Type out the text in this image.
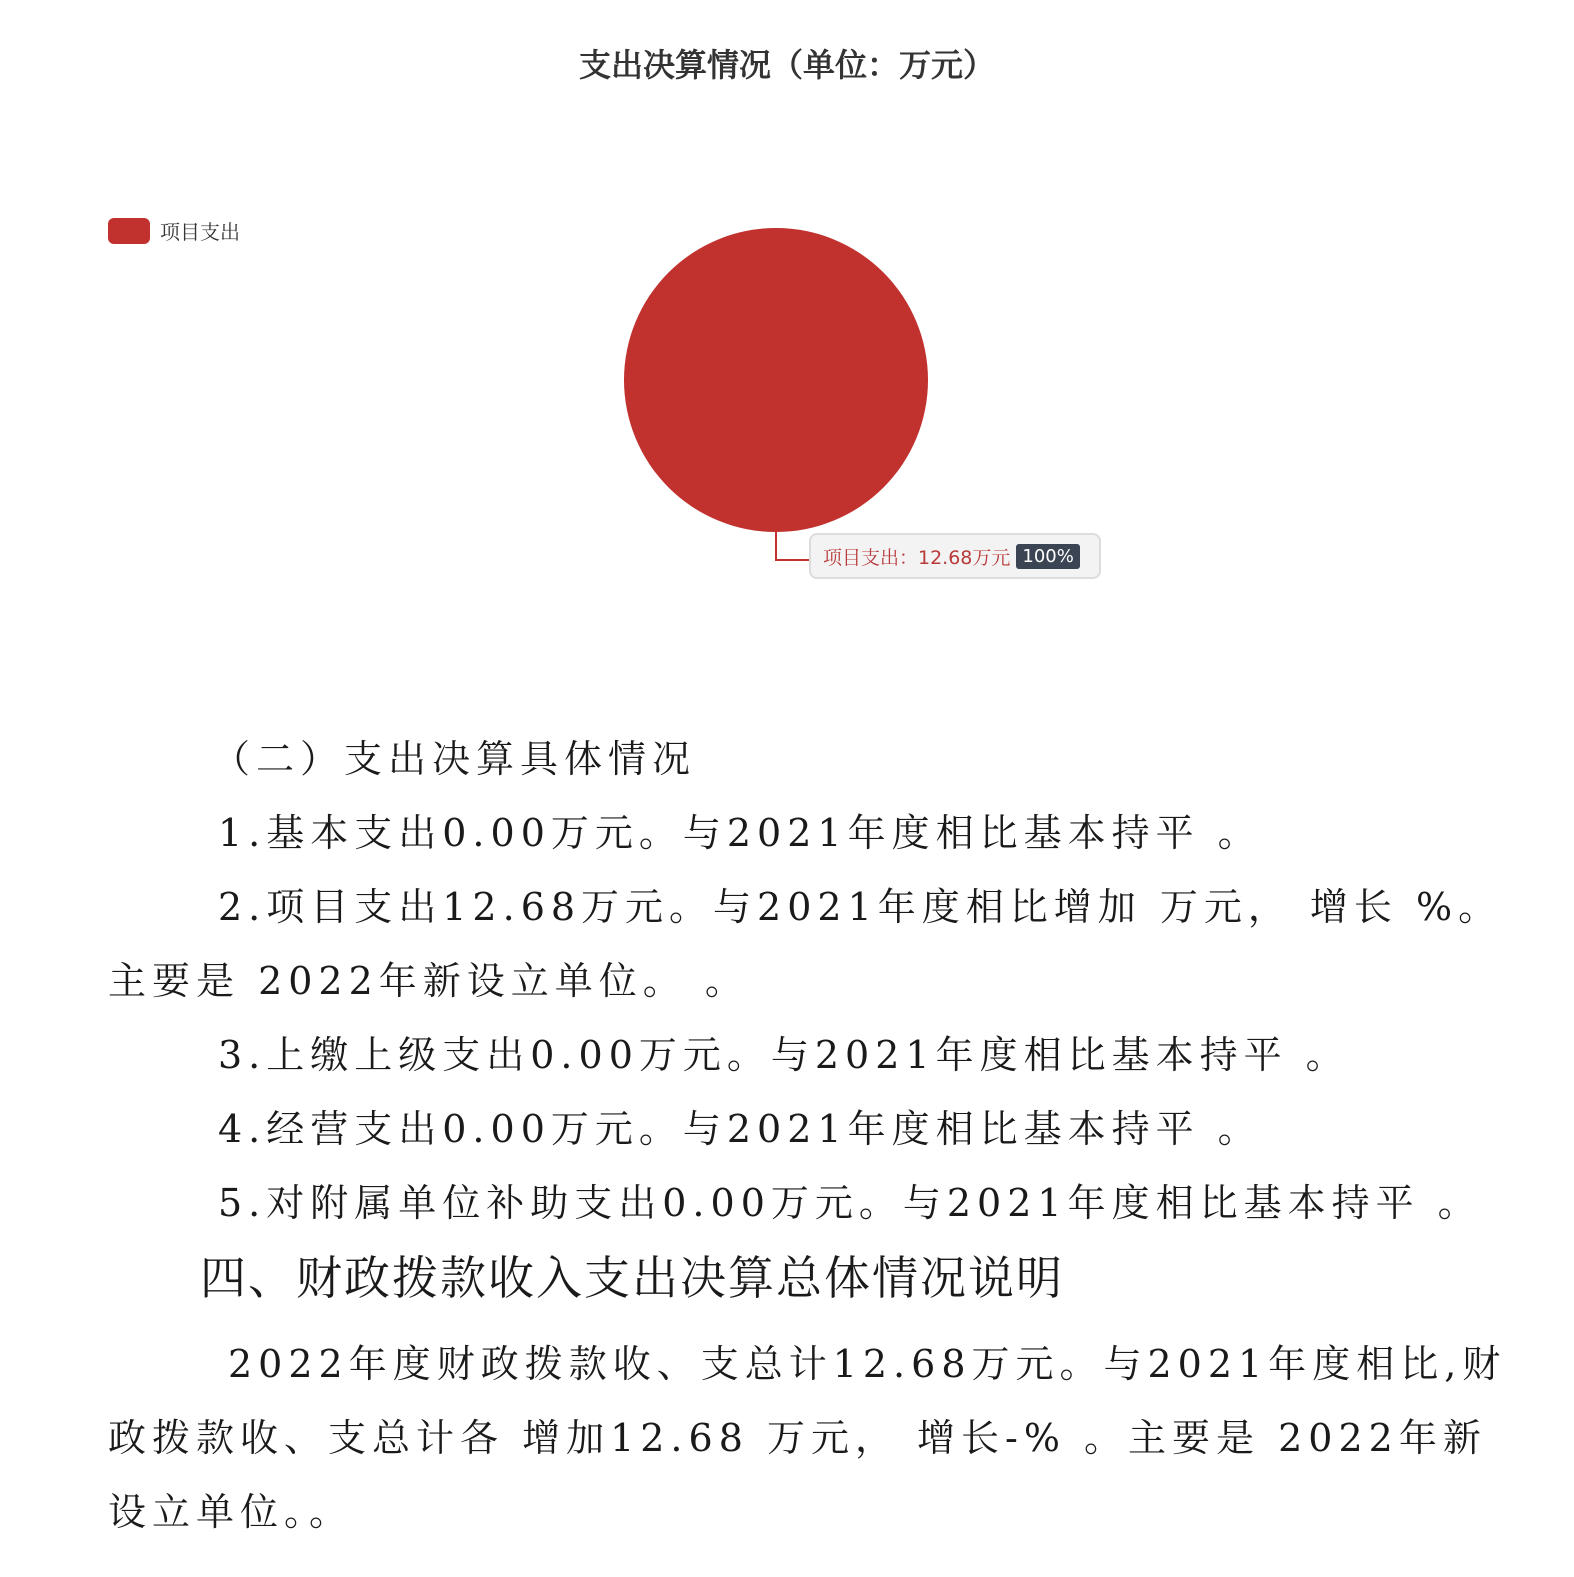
支出决算情况（单位：万元）
项目支出
项目支出：12.68万元 100%
（二）支出决算具体情况
1.基本支出0.00万元。与2021年度相比基本持平 。
2.项目支出12.68万元。与2021年度相比增加 万元， 增长 %。
主要是 2022年新设立单位。 。
3.上缴上级支出0.00万元。与2021年度相比基本持平 。
4.经营支出0.00万元。与2021年度相比基本持平 。
5.对附属单位补助支出0.00万元。与2021年度相比基本持平 。
四、财政拨款收入支出决算总体情况说明
2022年度财政拨款收、支总计12.68万元。与2021年度相比,财
政拨款收、支总计各 增加12.68 万元， 增长-% 。主要是 2022年新
设立单位。。
